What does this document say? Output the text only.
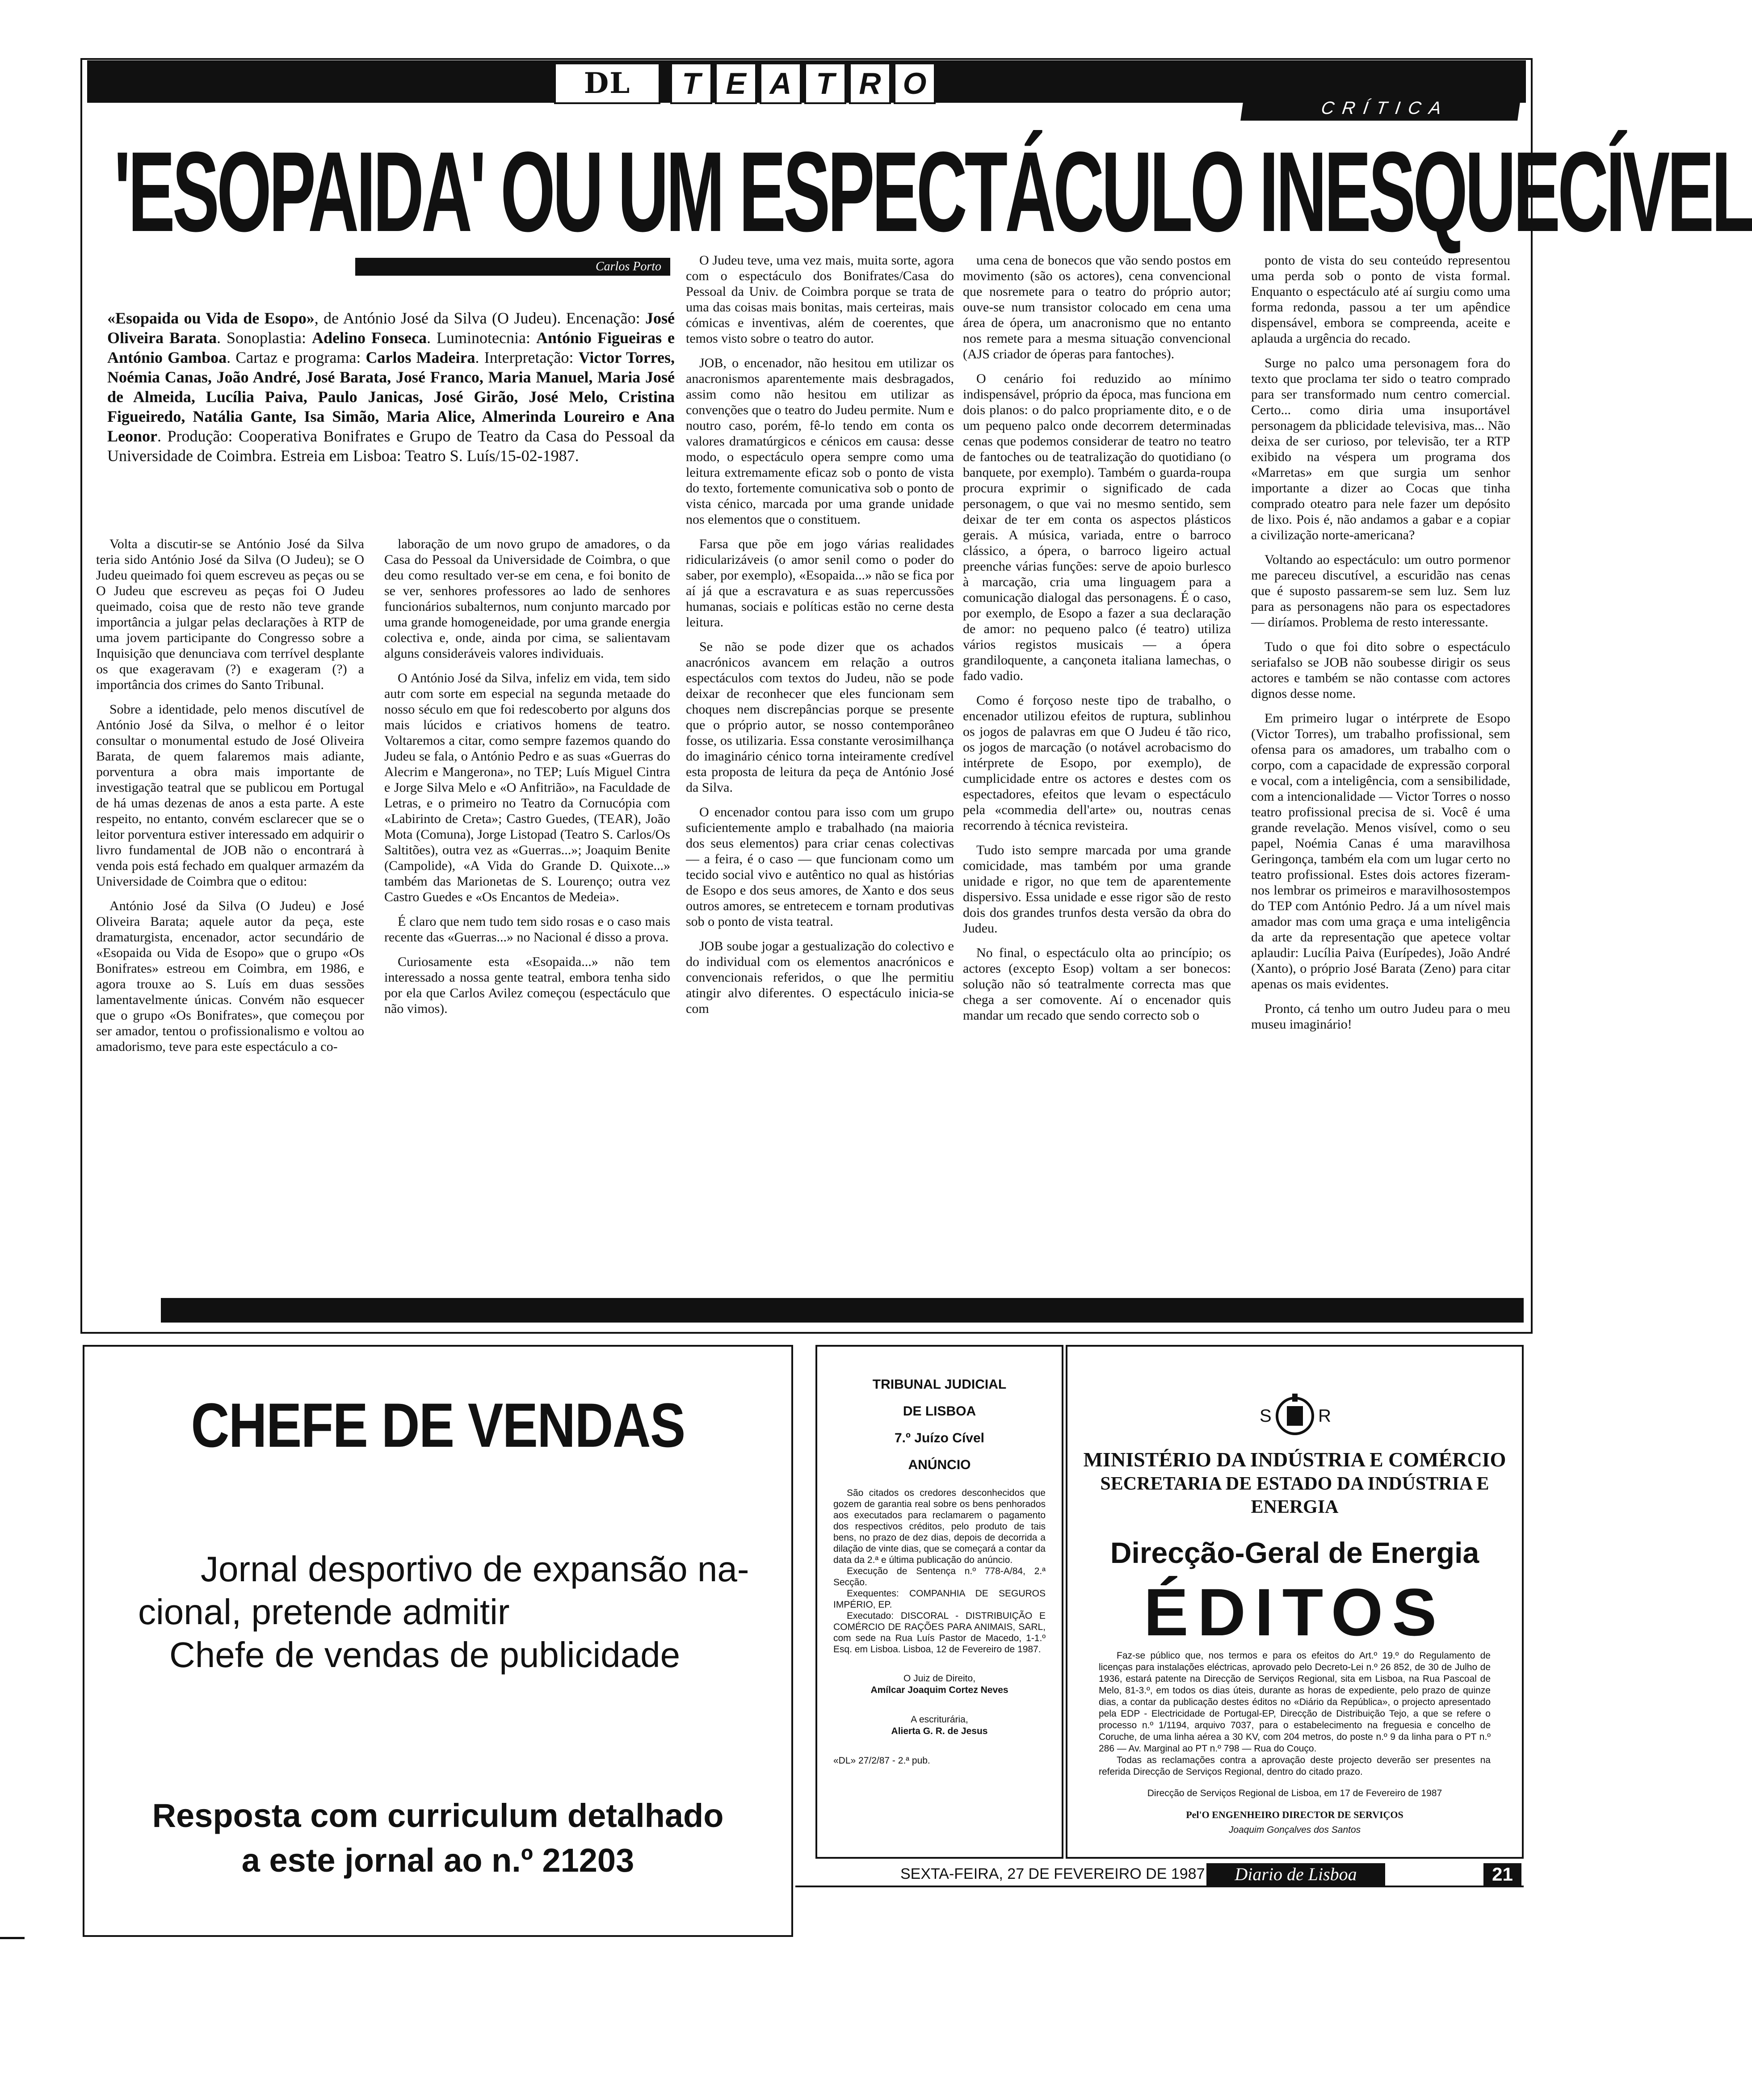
DL	T E A T R O
CRÍTICA
'ESOPAIDA' OU UM ESPECTÁCULO INESQUECÍVEL
Carlos Porto
«Esopaida ou Vida de Esopo», de António José da Silva (O Judeu). Encenação: José Oliveira Barata. Sonoplastia: Adelino Fonseca. Luminotecnia: António Figueiras e António Gamboa. Cartaz e programa: Carlos Madeira. Interpretação: Victor Torres, Noémia Canas, João André, José Barata, José Franco, Maria Manuel, Maria José de Almeida, Lucília Paiva, Paulo Janicas, José Girão, José Melo, Cristina Figueiredo, Natália Gante, Isa Simão, Maria Alice, Almerinda Loureiro e Ana Leonor. Produção: Cooperativa Bonifrates e Grupo de Teatro da Casa do Pessoal da Universidade de Coimbra. Estreia em Lisboa: Teatro S. Luís/15-02-1987.

Volta a discutir-se se António José da Silva teria sido António José da Silva (O Judeu); se O Judeu queimado foi quem escreveu as peças ou se O Judeu que escreveu as peças foi O Judeu queimado, coisa que de resto não teve grande importância a julgar pelas declarações à RTP de uma jovem participante do Congresso sobre a Inquisição que denunciava com terrível desplante os que exageravam (?) e exageram (?) a importância dos crimes do Santo Tribunal.

Sobre a identidade, pelo menos discutível de António José da Silva, o melhor é o leitor consultar o monumental estudo de José Oliveira Barata, de quem falaremos mais adiante, porventura a obra mais importante de investigação teatral que se publicou em Portugal de há umas dezenas de anos a esta parte. A este respeito, no entanto, convém esclarecer que se o leitor porventura estiver interessado em adquirir o livro fundamental de JOB não o encontrará à venda pois está fechado em qualquer armazém da Universidade de Coimbra que o editou:

António José da Silva (O Judeu) e José Oliveira Barata; aquele autor da peça, este dramaturgista, encenador, actor secundário de «Esopaida ou Vida de Esopo» que o grupo «Os Bonifrates» estreou em Coimbra, em 1986, e agora trouxe ao S. Luís em duas sessões lamentavelmente únicas. Convém não esquecer que o grupo «Os Bonifrates», que começou por ser amador, tentou o profissionalismo e voltou ao amadorismo, teve para este espectáculo a co-

laboração de um novo grupo de amadores, o da Casa do Pessoal da Universidade de Coimbra, o que deu como resultado ver-se em cena, e foi bonito de se ver, senhores professores ao lado de senhores funcionários subalternos, num conjunto marcado por uma grande homogeneidade, por uma grande energia colectiva e, onde, ainda por cima, se salientavam alguns consideráveis valores individuais.

O António José da Silva, infeliz em vida, tem sido autr com sorte em especial na segunda metaade do nosso século em que foi redescoberto por alguns dos mais lúcidos e criativos homens de teatro. Voltaremos a citar, como sempre fazemos quando do Judeu se fala, o António Pedro e as suas «Guerras do Alecrim e Mangerona», no TEP; Luís Miguel Cintra e Jorge Silva Melo e «O Anfitrião», na Faculdade de Letras, e o primeiro no Teatro da Cornucópia com «Labirinto de Creta»; Castro Guedes, (TEAR), João Mota (Comuna), Jorge Listopad (Teatro S. Carlos/Os Saltitões), outra vez as «Guerras...»; Joaquim Benite (Campolide), «A Vida do Grande D. Quixote...» também das Marionetas de S. Lourenço; outra vez Castro Guedes e «Os Encantos de Medeia».

É claro que nem tudo tem sido rosas e o caso mais recente das «Guerras...» no Nacional é disso a prova.

Curiosamente esta «Esopaida...» não tem interessado a nossa gente teatral, embora tenha sido por ela que Carlos Avilez começou (espectáculo que não vimos).

O Judeu teve, uma vez mais, muita sorte, agora com o espectáculo dos Bonifrates/Casa do Pessoal da Univ. de Coimbra porque se trata de uma das coisas mais bonitas, mais certeiras, mais cómicas e inventivas, além de coerentes, que temos visto sobre o teatro do autor.

JOB, o encenador, não hesitou em utilizar os anacronismos aparentemente mais desbragados, assim como não hesitou em utilizar as convenções que o teatro do Judeu permite. Num e noutro caso, porém, fê-lo tendo em conta os valores dramatúrgicos e cénicos em causa: desse modo, o espectáculo opera sempre como uma leitura extremamente eficaz sob o ponto de vista do texto, fortemente comunicativa sob o ponto de vista cénico, marcada por uma grande unidade nos elementos que o constituem.

Farsa que põe em jogo várias realidades ridicularizáveis (o amor senil como o poder do saber, por exemplo), «Esopaida...» não se fica por aí já que a escravatura e as suas repercussões humanas, sociais e políticas estão no cerne desta leitura.

Se não se pode dizer que os achados anacrónicos avancem em relação a outros espectáculos com textos do Judeu, não se pode deixar de reconhecer que eles funcionam sem choques nem discrepâncias porque se presente que o próprio autor, se nosso contemporâneo fosse, os utilizaria. Essa constante verosimilhança do imaginário cénico torna inteiramente credível esta proposta de leitura da peça de António José da Silva.

O encenador contou para isso com um grupo suficientemente amplo e trabalhado (na maioria dos seus elementos) para criar cenas colectivas — a feira, é o caso — que funcionam como um tecido social vivo e autêntico no qual as histórias de Esopo e dos seus amores, de Xanto e dos seus outros amores, se entretecem e tornam produtivas sob o ponto de vista teatral.

JOB soube jogar a gestualização do colectivo e do individual com os elementos anacrónicos e convencionais referidos, o que lhe permitiu atingir alvo diferentes. O espectáculo inicia-se com

uma cena de bonecos que vão sendo postos em movimento (são os actores), cena convencional que nosremete para o teatro do próprio autor; ouve-se num transistor colocado em cena uma área de ópera, um anacronismo que no entanto nos remete para a mesma situação convencional (AJS criador de óperas para fantoches).

O cenário foi reduzido ao mínimo indispensável, próprio da época, mas funciona em dois planos: o do palco propriamente dito, e o de um pequeno palco onde decorrem determinadas cenas que podemos considerar de teatro no teatro de fantoches ou de teatralização do quotidiano (o banquete, por exemplo). Também o guarda-roupa procura exprimir o significado de cada personagem, o que vai no mesmo sentido, sem deixar de ter em conta os aspectos plásticos gerais. A música, variada, entre o barroco clássico, a ópera, o barroco ligeiro actual preenche várias funções: serve de apoio burlesco à marcação, cria uma linguagem para a comunicação dialogal das personagens. É o caso, por exemplo, de Esopo a fazer a sua declaração de amor: no pequeno palco (é teatro) utiliza vários registos musicais — a ópera grandiloquente, a cançoneta italiana lamechas, o fado vadio.

Como é forçoso neste tipo de trabalho, o encenador utilizou efeitos de ruptura, sublinhou os jogos de palavras em que O Judeu é tão rico, os jogos de marcação (o notável acrobacismo do intérprete de Esopo, por exemplo), de cumplicidade entre os actores e destes com os espectadores, efeitos que levam o espectáculo pela «commedia dell'arte» ou, noutras cenas recorrendo à técnica revisteira.

Tudo isto sempre marcada por uma grande comicidade, mas também por uma grande unidade e rigor, no que tem de aparentemente dispersivo. Essa unidade e esse rigor são de resto dois dos grandes trunfos desta versão da obra do Judeu.

No final, o espectáculo olta ao princípio; os actores (excepto Esop) voltam a ser bonecos: solução não só teatralmente correcta mas que chega a ser comovente. Aí o encenador quis mandar um recado que sendo correcto sob o

ponto de vista do seu conteúdo representou uma perda sob o ponto de vista formal. Enquanto o espectáculo até aí surgiu como uma forma redonda, passou a ter um apêndice dispensável, embora se compreenda, aceite e aplauda a urgência do recado.

Surge no palco uma personagem fora do texto que proclama ter sido o teatro comprado para ser transformado num centro comercial. Certo... como diria uma insuportável personagem da pblicidade televisiva, mas... Não deixa de ser curioso, por televisão, ter a RTP exibido na véspera um programa dos «Marretas» em que surgia um senhor importante a dizer ao Cocas que tinha comprado oteatro para nele fazer um depósito de lixo. Pois é, não andamos a gabar e a copiar a civilização norte-americana?

Voltando ao espectáculo: um outro pormenor me pareceu discutível, a escuridão nas cenas que é suposto passarem-se sem luz. Sem luz para as personagens não para os espectadores — diríamos. Problema de resto interessante.

Tudo o que foi dito sobre o espectáculo seriafalso se JOB não soubesse dirigir os seus actores e também se não contasse com actores dignos desse nome.

Em primeiro lugar o intérprete de Esopo (Victor Torres), um trabalho profissional, sem ofensa para os amadores, um trabalho com o corpo, com a capacidade de expressão corporal e vocal, com a inteligência, com a sensibilidade, com a intencionalidade — Victor Torres o nosso teatro profissional precisa de si. Você é uma grande revelação. Menos visível, como o seu papel, Noémia Canas é uma maravilhosa Geringonça, também ela com um lugar certo no teatro profissional. Estes dois actores fizeram-nos lembrar os primeiros e maravilhosostempos do TEP com António Pedro. Já a um nível mais amador mas com uma graça e uma inteligência da arte da representação que apetece voltar aplaudir: Lucília Paiva (Eurípedes), João André (Xanto), o próprio José Barata (Zeno) para citar apenas os mais evidentes.

Pronto, cá tenho um outro Judeu para o meu museu imaginário!

CHEFE DE VENDAS
Jornal desportivo de expansão na-
cional, pretende admitir
Chefe de vendas de publicidade
Resposta com curriculum detalhado
a este jornal ao n.º 21203
TRIBUNAL JUDICIAL
DE LISBOA
7.º Juízo Cível
ANÚNCIO
São citados os credores desconhecidos que gozem de garantia real sobre os bens penhorados aos executados para reclamarem o pagamento dos respectivos créditos, pelo produto de tais bens, no prazo de dez dias, depois de decorrida a dilação de vinte dias, que se começará a contar da data da 2.ª e última publicação do anúncio.
Execução de Sentença n.º 778-A/84, 2.ª Secção.
Exequentes: COMPANHIA DE SEGUROS IMPÉRIO, EP.
Executado: DISCORAL - DISTRIBUIÇÃO E COMÉRCIO DE RAÇÕES PARA ANIMAIS, SARL, com sede na Rua Luís Pastor de Macedo, 1-1.º Esq. em Lisboa. Lisboa, 12 de Fevereiro de 1987.
O Juiz de Direito,
Amílcar Joaquim Cortez Neves
A escriturária,
Alierta G. R. de Jesus
«DL» 27/2/87 - 2.ª pub.
S	R
MINISTÉRIO DA INDÚSTRIA E COMÉRCIO
SECRETARIA DE ESTADO DA INDÚSTRIA E ENERGIA
Direcção-Geral de Energia
ÉDITOS
Faz-se público que, nos termos e para os efeitos do Art.º 19.º do Regulamento de licenças para instalações eléctricas, aprovado pelo Decreto-Lei n.º 26 852, de 30 de Julho de 1936, estará patente na Direcção de Serviços Regional, sita em Lisboa, na Rua Pascoal de Melo, 81-3.º, em todos os dias úteis, durante as horas de expediente, pelo prazo de quinze dias, a contar da publicação destes éditos no «Diário da República», o projecto apresentado pela EDP - Electricidade de Portugal-EP, Direcção de Distribuição Tejo, a que se refere o processo n.º 1/1194, arquivo 7037, para o estabelecimento na freguesia e concelho de Coruche, de uma linha aérea a 30 KV, com 204 metros, do poste n.º 9 da linha para o PT n.º 286 — Av. Marginal ao PT n.º 798 — Rua do Couço.
Todas as reclamações contra a aprovação deste projecto deverão ser presentes na referida Direcção de Serviços Regional, dentro do citado prazo.
Direcção de Serviços Regional de Lisboa, em 17 de Fevereiro de 1987
Pel'O ENGENHEIRO DIRECTOR DE SERVIÇOS
Joaquim Gonçalves dos Santos
SEXTA-FEIRA, 27 DE FEVEREIRO DE 1987	Diario de Lisboa	21
